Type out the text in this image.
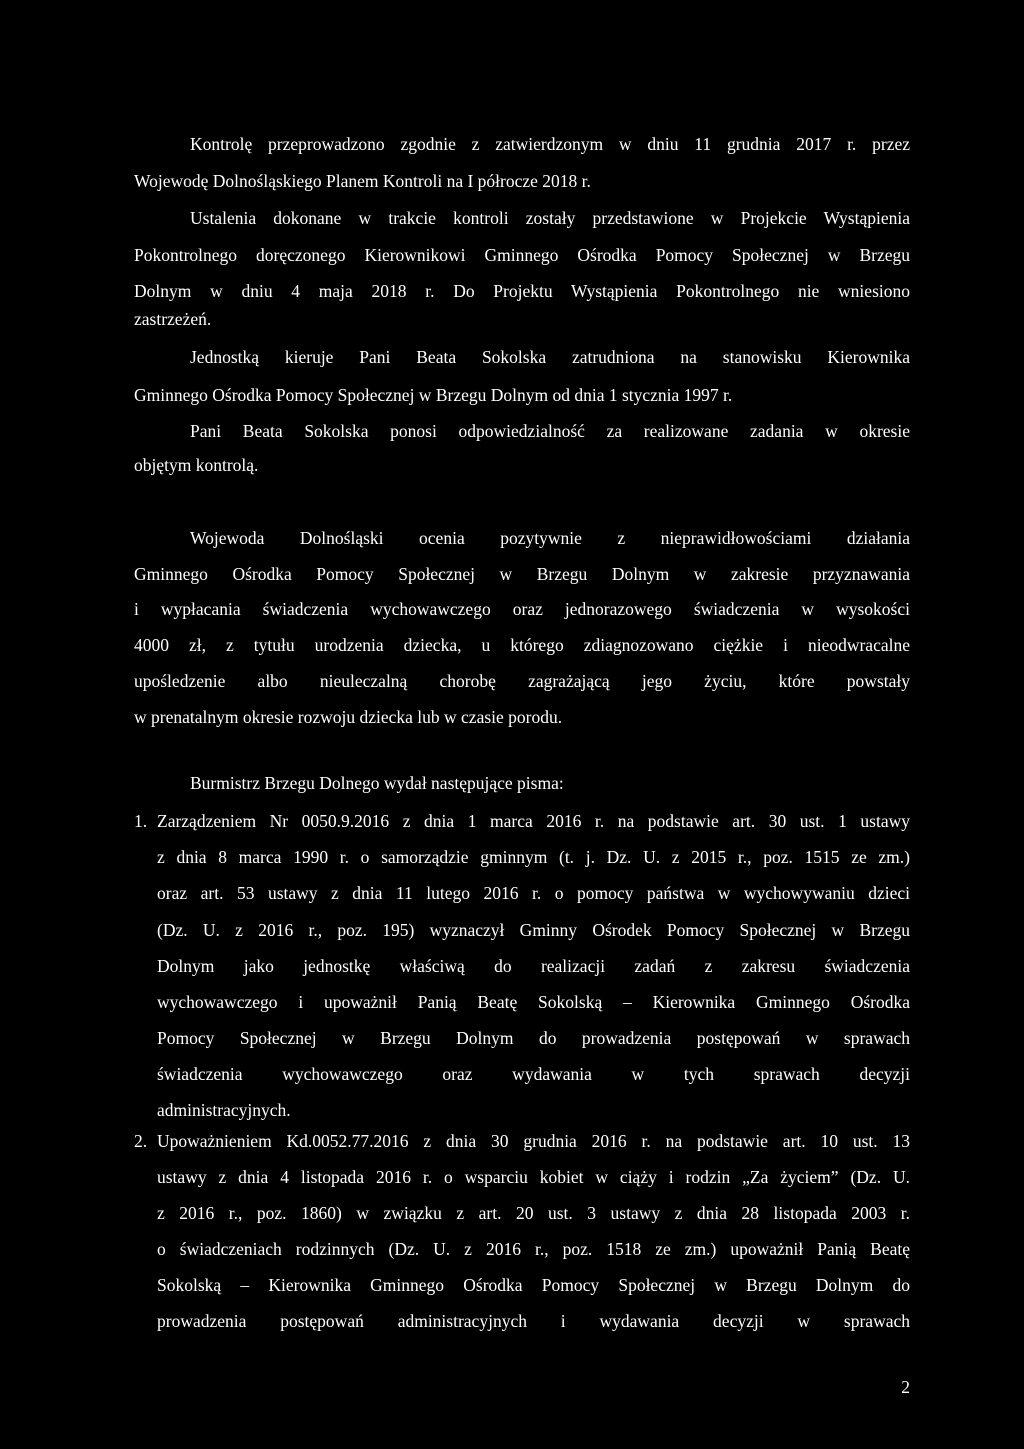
Kontrolę przeprowadzono zgodnie z zatwierdzonym w dniu 11 grudnia 2017 r. przez
Wojewodę Dolnośląskiego Planem Kontroli na I półrocze 2018 r.
Ustalenia dokonane w trakcie kontroli zostały przedstawione w Projekcie Wystąpienia
Pokontrolnego doręczonego Kierownikowi Gminnego Ośrodka Pomocy Społecznej w Brzegu
Dolnym w dniu 4 maja 2018 r. Do Projektu Wystąpienia Pokontrolnego nie wniesiono
zastrzeżeń.
Jednostką kieruje Pani Beata Sokolska zatrudniona na stanowisku Kierownika
Gminnego Ośrodka Pomocy Społecznej w Brzegu Dolnym od dnia 1 stycznia 1997 r.
Pani Beata Sokolska ponosi odpowiedzialność za realizowane zadania w okresie
objętym kontrolą.
Wojewoda Dolnośląski ocenia pozytywnie z nieprawidłowościami działania
Gminnego Ośrodka Pomocy Społecznej w Brzegu Dolnym w zakresie przyznawania
i wypłacania świadczenia wychowawczego oraz jednorazowego świadczenia w wysokości
4000 zł, z tytułu urodzenia dziecka, u którego zdiagnozowano ciężkie i nieodwracalne
upośledzenie albo nieuleczalną chorobę zagrażającą jego życiu, które powstały
w prenatalnym okresie rozwoju dziecka lub w czasie porodu.
Burmistrz Brzegu Dolnego wydał następujące pisma:
1. Zarządzeniem Nr 0050.9.2016 z dnia 1 marca 2016 r. na podstawie art. 30 ust. 1 ustawy
z dnia 8 marca 1990 r. o samorządzie gminnym (t. j. Dz. U. z 2015 r., poz. 1515 ze zm.)
oraz art. 53 ustawy z dnia 11 lutego 2016 r. o pomocy państwa w wychowywaniu dzieci
(Dz. U. z 2016 r., poz. 195) wyznaczył Gminny Ośrodek Pomocy Społecznej w Brzegu
Dolnym jako jednostkę właściwą do realizacji zadań z zakresu świadczenia
wychowawczego i upoważnił Panią Beatę Sokolską – Kierownika Gminnego Ośrodka
Pomocy Społecznej w Brzegu Dolnym do prowadzenia postępowań w sprawach
świadczenia wychowawczego oraz wydawania w tych sprawach decyzji
administracyjnych.
2. Upoważnieniem Kd.0052.77.2016 z dnia 30 grudnia 2016 r. na podstawie art. 10 ust. 13
ustawy z dnia 4 listopada 2016 r. o wsparciu kobiet w ciąży i rodzin „Za życiem” (Dz. U.
z 2016 r., poz. 1860) w związku z art. 20 ust. 3 ustawy z dnia 28 listopada 2003 r.
o świadczeniach rodzinnych (Dz. U. z 2016 r., poz. 1518 ze zm.) upoważnił Panią Beatę
Sokolską – Kierownika Gminnego Ośrodka Pomocy Społecznej w Brzegu Dolnym do
prowadzenia postępowań administracyjnych i wydawania decyzji w sprawach
2
